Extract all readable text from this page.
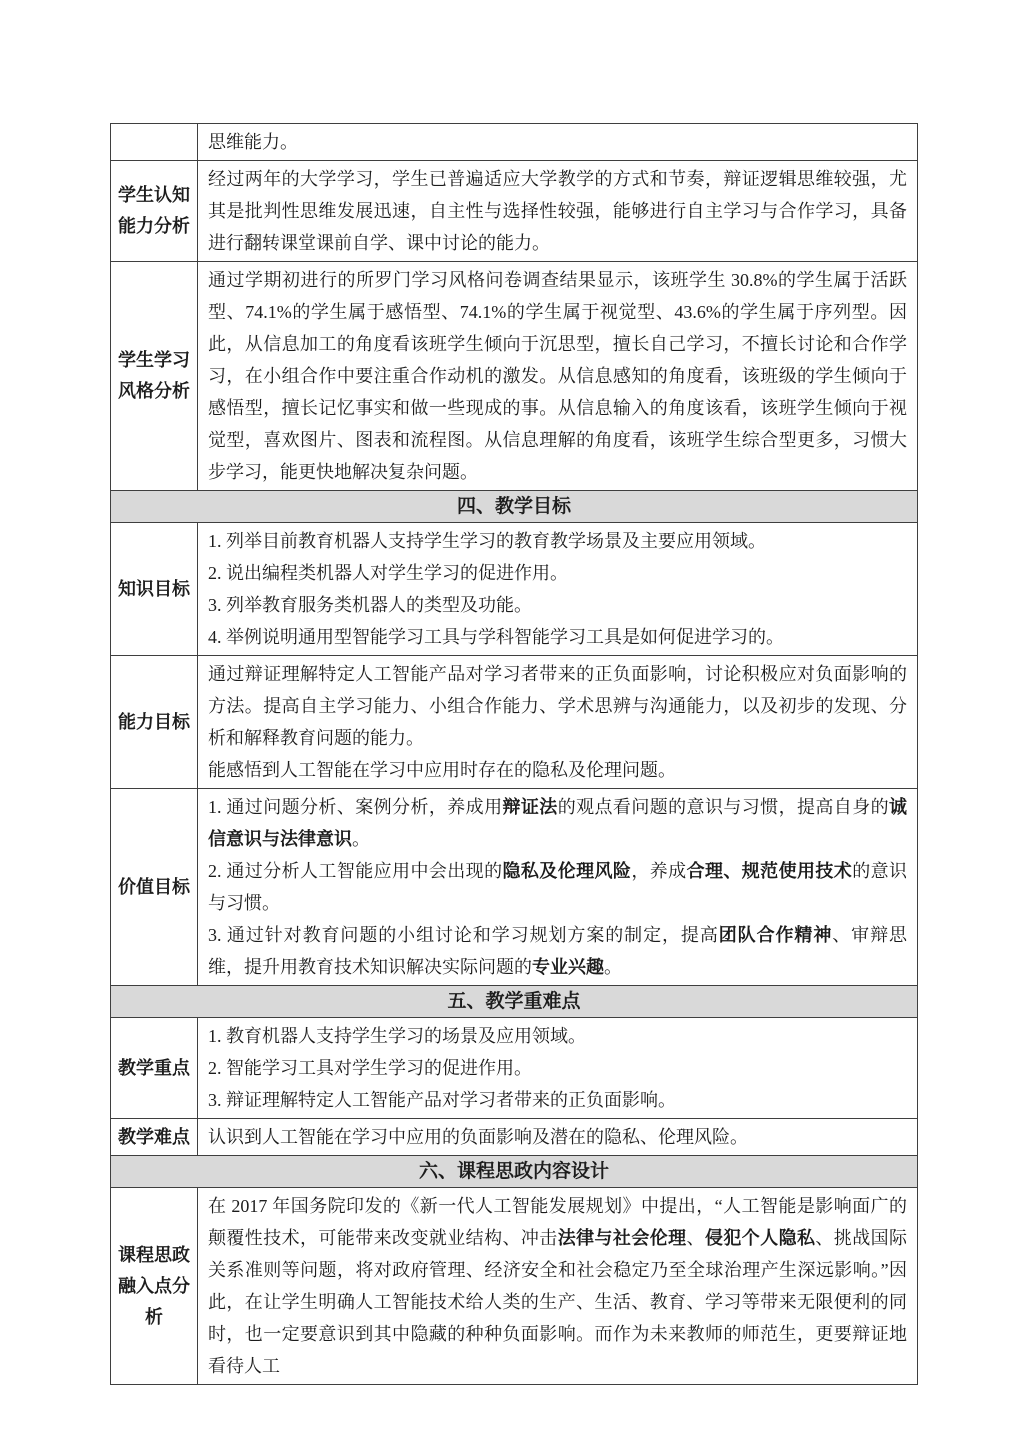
	思维能力。

学生认知能力分析	经过两年的大学学习，学生已普遍适应大学教学的方式和节奏，辩证逻辑思维较强，尤其是批判性思维发展迅速，自主性与选择性较强，能够进行自主学习与合作学习，具备进行翻转课堂课前自学、课中讨论的能力。

学生学习风格分析	通过学期初进行的所罗门学习风格问卷调查结果显示，该班学生 30.8%的学生属于活跃型、74.1%的学生属于感悟型、74.1%的学生属于视觉型、43.6%的学生属于序列型。因此，从信息加工的角度看该班学生倾向于沉思型，擅长自己学习，不擅长讨论和合作学习，在小组合作中要注重合作动机的激发。从信息感知的角度看，该班级的学生倾向于感悟型，擅长记忆事实和做一些现成的事。从信息输入的角度该看，该班学生倾向于视觉型，喜欢图片、图表和流程图。从信息理解的角度看，该班学生综合型更多，习惯大步学习，能更快地解决复杂问题。

四、教学目标	
知识目标	1. 列举目前教育机器人支持学生学习的教育教学场景及主要应用领域。

2. 说出编程类机器人对学生学习的促进作用。

3. 列举教育服务类机器人的类型及功能。

4. 举例说明通用型智能学习工具与学科智能学习工具是如何促进学习的。

能力目标	通过辩证理解特定人工智能产品对学习者带来的正负面影响，讨论积极应对负面影响的方法。提高自主学习能力、小组合作能力、学术思辨与沟通能力，以及初步的发现、分析和解释教育问题的能力。

能感悟到人工智能在学习中应用时存在的隐私及伦理问题。

价值目标	1. 通过问题分析、案例分析，养成用辩证法的观点看问题的意识与习惯，提高自身的诚信意识与法律意识。

2. 通过分析人工智能应用中会出现的隐私及伦理风险，养成合理、规范使用技术的意识与习惯。

3. 通过针对教育问题的小组讨论和学习规划方案的制定，提高团队合作精神、审辩思维，提升用教育技术知识解决实际问题的专业兴趣。

五、教学重难点	
教学重点	1. 教育机器人支持学生学习的场景及应用领域。

2. 智能学习工具对学生学习的促进作用。

3. 辩证理解特定人工智能产品对学习者带来的正负面影响。

教学难点	认识到人工智能在学习中应用的负面影响及潜在的隐私、伦理风险。

六、课程思政内容设计	
课程思政融入点分析	在 2017 年国务院印发的《新一代人工智能发展规划》中提出，“人工智能是影响面广的颠覆性技术，可能带来改变就业结构、冲击法律与社会伦理、侵犯个人隐私、挑战国际关系准则等问题，将对政府管理、经济安全和社会稳定乃至全球治理产生深远影响。”因此，在让学生明确人工智能技术给人类的生产、生活、教育、学习等带来无限便利的同时，也一定要意识到其中隐藏的种种负面影响。而作为未来教师的师范生，更要辩证地看待人工
